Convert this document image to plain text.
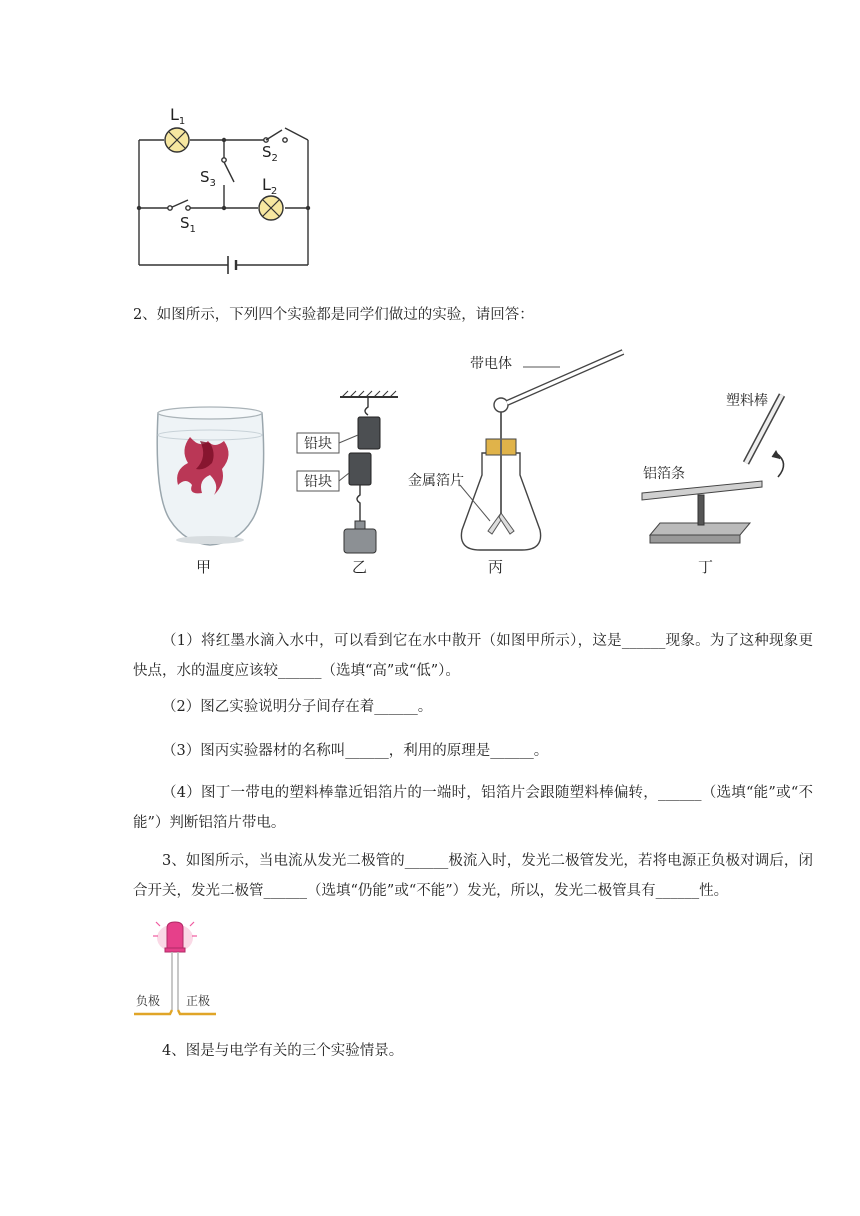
$L_1$
$L_2$
$S_2$
$S_3$
$S_1$
2、如图所示，下列四个实验都是同学们做过的实验，请回答：
铅块
铅块
带电体
金属箔片
塑料棒
铝箔条
甲	乙	丙	丁
（1）将红墨水滴入水中，可以看到它在水中散开（如图甲所示），这是______现象。为了这种现象更快点，水的温度应该较______（选填“高”或“低”）。
（2）图乙实验说明分子间存在着______。
（3）图丙实验器材的名称叫______，利用的原理是______。
（4）图丁一带电的塑料棒靠近铝箔片的一端时，铝箔片会跟随塑料棒偏转，______（选填“能”或“不能”）判断铝箔片带电。
3、如图所示，当电流从发光二极管的______极流入时，发光二极管发光，若将电源正负极对调后，闭合开关，发光二极管______（选填“仍能”或“不能”）发光，所以，发光二极管具有______性。
负极 正极
4、图是与电学有关的三个实验情景。
